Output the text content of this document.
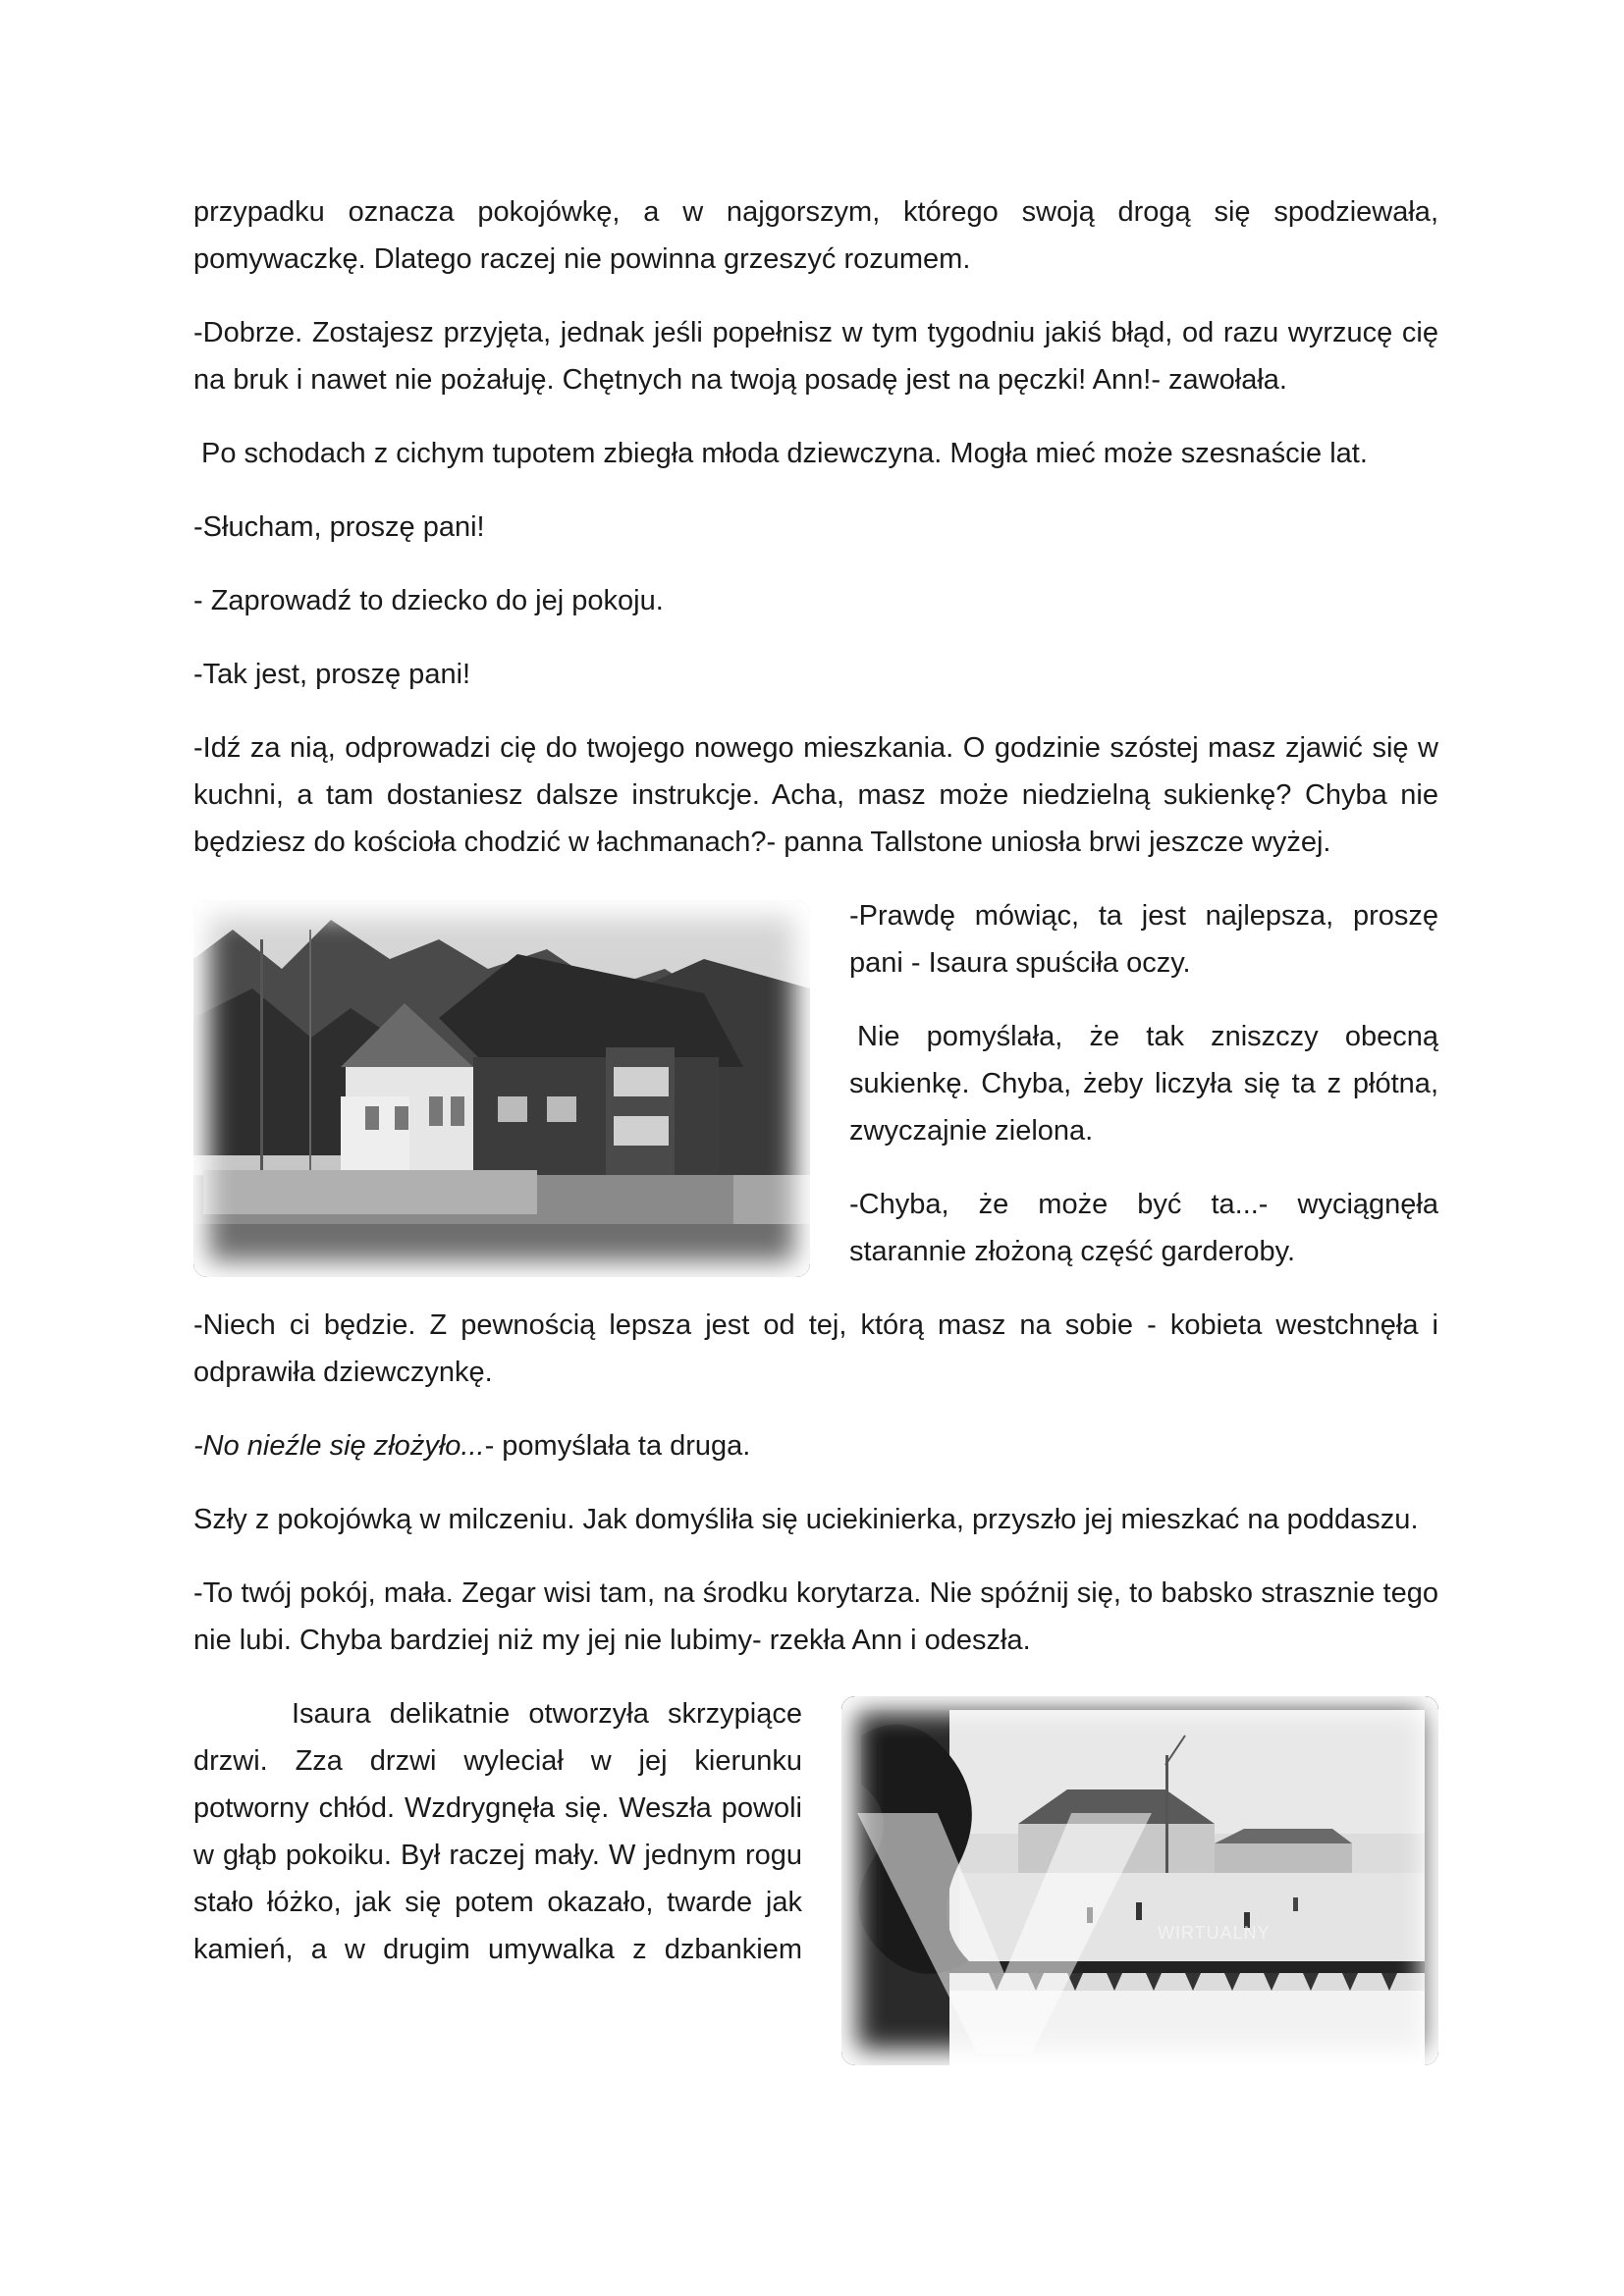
przypadku oznacza pokojówkę, a w najgorszym, którego swoją drogą się spodziewała, pomywaczkę. Dlatego raczej nie powinna grzeszyć rozumem.

-Dobrze. Zostajesz przyjęta, jednak jeśli popełnisz w tym tygodniu jakiś błąd, od razu wyrzucę cię na bruk i nawet nie pożałuję. Chętnych na twoją posadę jest na pęczki! Ann!- zawołała.

Po schodach z cichym tupotem zbiegła młoda dziewczyna. Mogła mieć może szesnaście lat.

-Słucham, proszę pani!

- Zaprowadź to dziecko do jej pokoju.

-Tak jest, proszę pani!

-Idź za nią, odprowadzi cię do twojego nowego mieszkania. O godzinie szóstej masz zjawić się w kuchni, a tam dostaniesz dalsze instrukcje. Acha, masz może niedzielną sukienkę? Chyba nie będziesz do kościoła chodzić w łachmanach?- panna Tallstone uniosła brwi jeszcze wyżej.

-Prawdę mówiąc, ta jest najlepsza, proszę pani - Isaura spuściła oczy.

Nie pomyślała, że tak zniszczy obecną sukienkę. Chyba, żeby liczyła się ta z płótna, zwyczajnie zielona.

-Chyba, że może być ta...- wyciągnęła starannie złożoną część garderoby.

-Niech ci będzie. Z pewnością lepsza jest od tej, którą masz na sobie - kobieta westchnęła i odprawiła dziewczynkę.

-No nieźle się złożyło...- pomyślała ta druga.

Szły z pokojówką w milczeniu. Jak domyśliła się uciekinierka, przyszło jej mieszkać na poddaszu.

-To twój pokój, mała. Zegar wisi tam, na środku korytarza. Nie spóźnij się, to babsko strasznie tego nie lubi. Chyba bardziej niż my jej nie lubimy- rzekła Ann i odeszła.

WIRTUALNY

Isaura delikatnie otworzyła skrzypiące drzwi. Zza drzwi wyleciał w jej kierunku potworny chłód. Wzdrygnęła się. Weszła powoli w głąb pokoiku. Był raczej mały. W jednym rogu stało łóżko, jak się potem okazało, twarde jak kamień, a w drugim umywalka z dzbankiem
